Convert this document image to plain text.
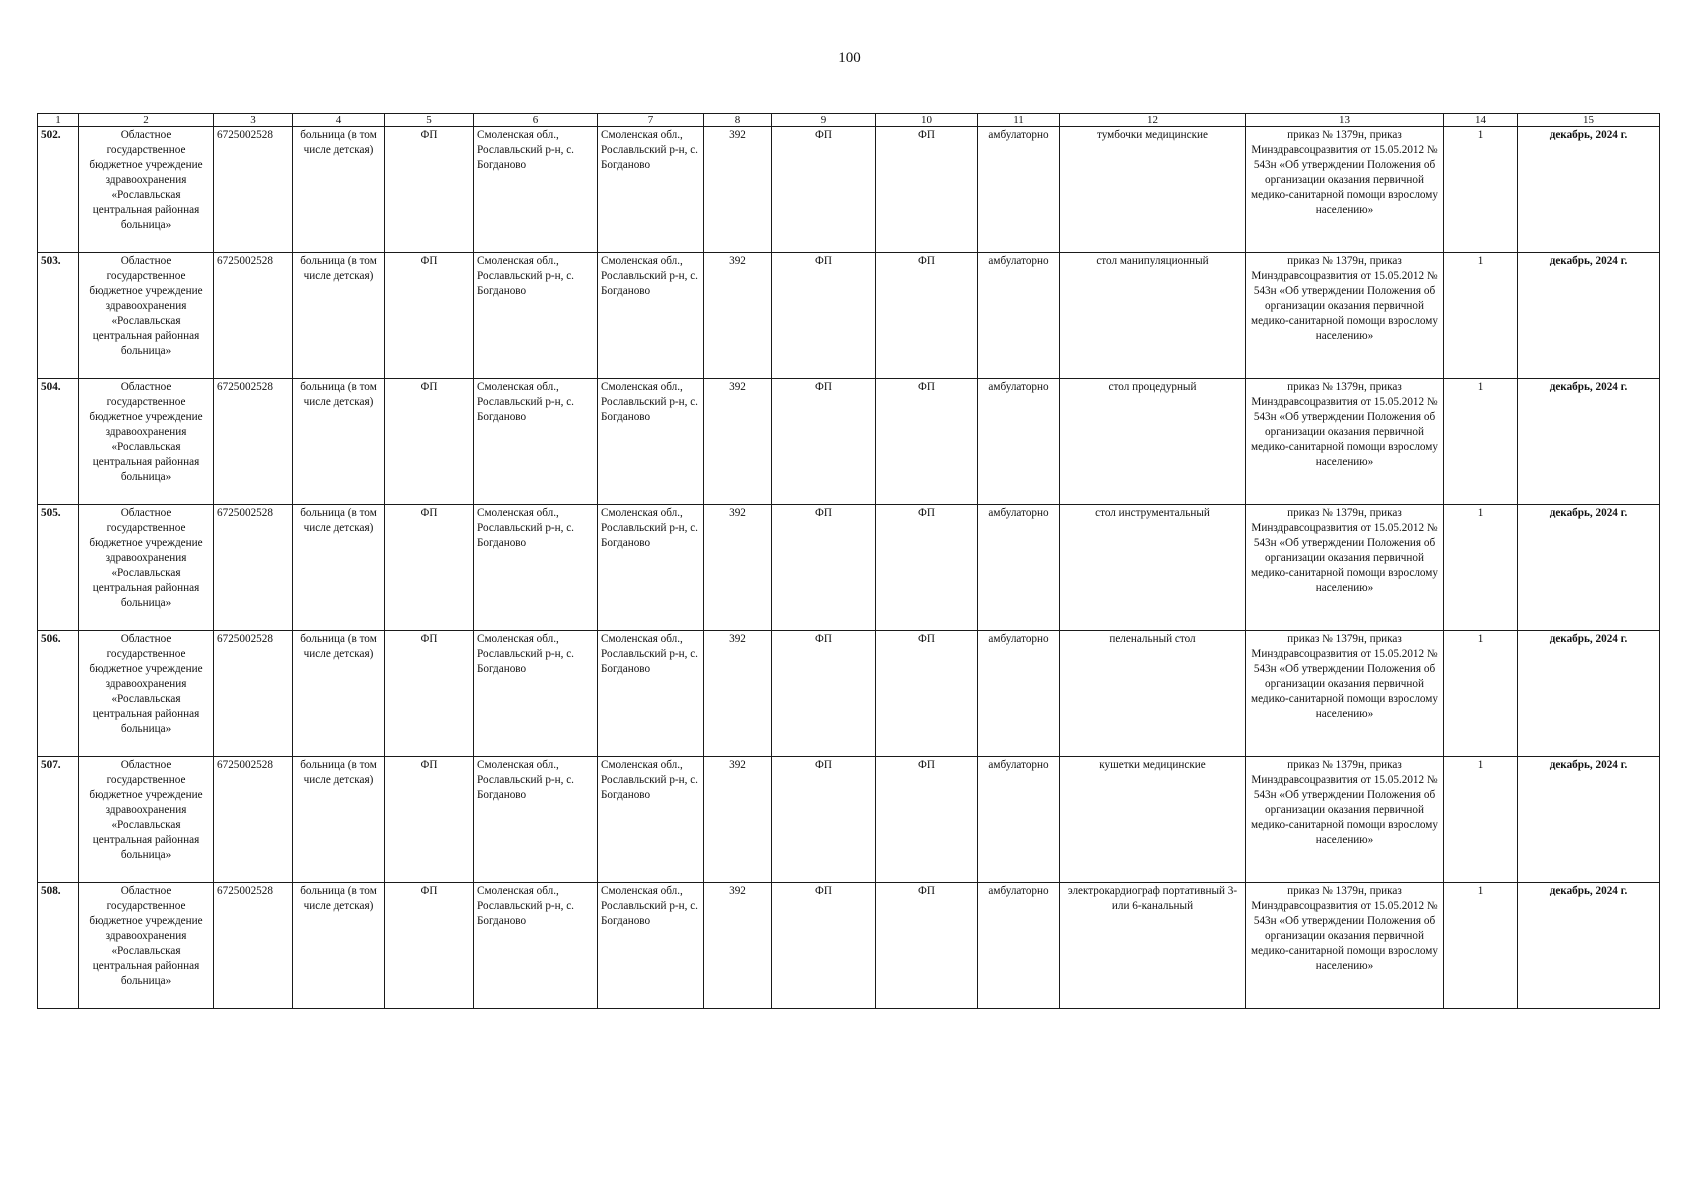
100
1	2	3	4	5	6	7	8	9	10	11	12	13	14	15
502.	Областное государственное бюджетное учреждение здравоохранения «Рославльская центральная районная больница»	6725002528	больница (в том числе детская)	ФП	Смоленская обл., Рославльский р-н, с. Богданово	Смоленская обл., Рославльский р-н, с. Богданово	392	ФП	ФП	амбулаторно	тумбочки медицинские	приказ № 1379н, приказ Минздравсоцразвития от 15.05.2012 № 543н «Об утверждении Положения об организации оказания первичной медико-санитарной помощи взрослому населению»	1	декабрь, 2024 г.
503.	Областное государственное бюджетное учреждение здравоохранения «Рославльская центральная районная больница»	6725002528	больница (в том числе детская)	ФП	Смоленская обл., Рославльский р-н, с. Богданово	Смоленская обл., Рославльский р-н, с. Богданово	392	ФП	ФП	амбулаторно	стол манипуляционный	приказ № 1379н, приказ Минздравсоцразвития от 15.05.2012 № 543н «Об утверждении Положения об организации оказания первичной медико-санитарной помощи взрослому населению»	1	декабрь, 2024 г.
504.	Областное государственное бюджетное учреждение здравоохранения «Рославльская центральная районная больница»	6725002528	больница (в том числе детская)	ФП	Смоленская обл., Рославльский р-н, с. Богданово	Смоленская обл., Рославльский р-н, с. Богданово	392	ФП	ФП	амбулаторно	стол процедурный	приказ № 1379н, приказ Минздравсоцразвития от 15.05.2012 № 543н «Об утверждении Положения об организации оказания первичной медико-санитарной помощи взрослому населению»	1	декабрь, 2024 г.
505.	Областное государственное бюджетное учреждение здравоохранения «Рославльская центральная районная больница»	6725002528	больница (в том числе детская)	ФП	Смоленская обл., Рославльский р-н, с. Богданово	Смоленская обл., Рославльский р-н, с. Богданово	392	ФП	ФП	амбулаторно	стол инструментальный	приказ № 1379н, приказ Минздравсоцразвития от 15.05.2012 № 543н «Об утверждении Положения об организации оказания первичной медико-санитарной помощи взрослому населению»	1	декабрь, 2024 г.
506.	Областное государственное бюджетное учреждение здравоохранения «Рославльская центральная районная больница»	6725002528	больница (в том числе детская)	ФП	Смоленская обл., Рославльский р-н, с. Богданово	Смоленская обл., Рославльский р-н, с. Богданово	392	ФП	ФП	амбулаторно	пеленальный стол	приказ № 1379н, приказ Минздравсоцразвития от 15.05.2012 № 543н «Об утверждении Положения об организации оказания первичной медико-санитарной помощи взрослому населению»	1	декабрь, 2024 г.
507.	Областное государственное бюджетное учреждение здравоохранения «Рославльская центральная районная больница»	6725002528	больница (в том числе детская)	ФП	Смоленская обл., Рославльский р-н, с. Богданово	Смоленская обл., Рославльский р-н, с. Богданово	392	ФП	ФП	амбулаторно	кушетки медицинские	приказ № 1379н, приказ Минздравсоцразвития от 15.05.2012 № 543н «Об утверждении Положения об организации оказания первичной медико-санитарной помощи взрослому населению»	1	декабрь, 2024 г.
508.	Областное государственное бюджетное учреждение здравоохранения «Рославльская центральная районная больница»	6725002528	больница (в том числе детская)	ФП	Смоленская обл., Рославльский р-н, с. Богданово	Смоленская обл., Рославльский р-н, с. Богданово	392	ФП	ФП	амбулаторно	электрокардиограф портативный 3- или 6-канальный	приказ № 1379н, приказ Минздравсоцразвития от 15.05.2012 № 543н «Об утверждении Положения об организации оказания первичной медико-санитарной помощи взрослому населению»	1	декабрь, 2024 г.
